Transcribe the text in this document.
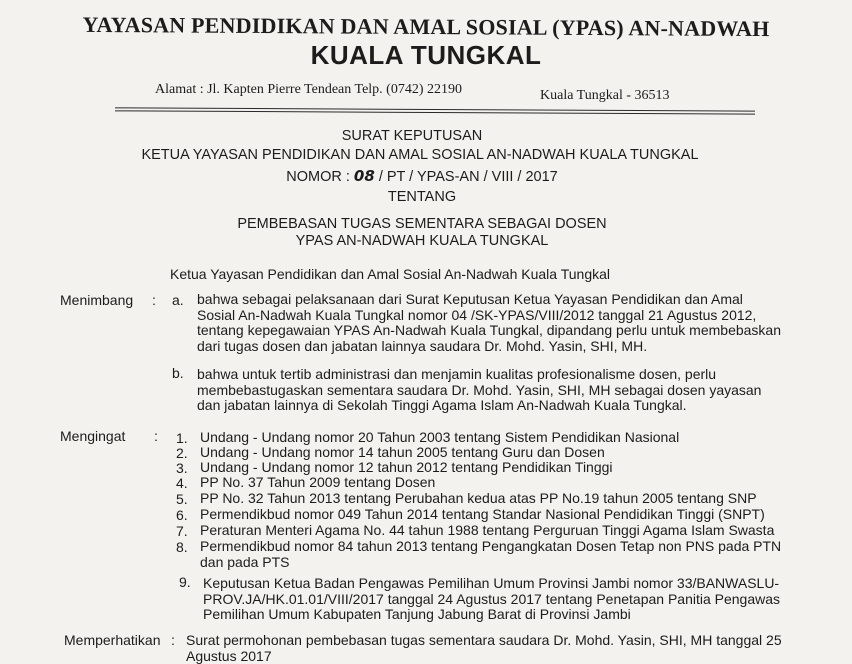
YAYASAN PENDIDIKAN DAN AMAL SOSIAL (YPAS) AN-NADWAH
KUALA TUNGKAL
Alamat : Jl. Kapten Pierre Tendean Telp. (0742) 22190	Kuala Tungkal - 36513
SURAT KEPUTUSAN
KETUA YAYASAN PENDIDIKAN DAN AMAL SOSIAL AN-NADWAH KUALA TUNGKAL
NOMOR : 08 / PT / YPAS-AN / VIII / 2017
TENTANG
PEMBEBASAN TUGAS SEMENTARA SEBAGAI DOSEN
YPAS AN-NADWAH KUALA TUNGKAL
Ketua Yayasan Pendidikan dan Amal Sosial An-Nadwah Kuala Tungkal
Menimbang : a. bahwa sebagai pelaksanaan dari Surat Keputusan Ketua Yayasan Pendidikan dan Amal
Sosial An-Nadwah Kuala Tungkal nomor 04 /SK-YPAS/VIII/2012 tanggal 21 Agustus 2012,
tentang kepegawaian YPAS An-Nadwah Kuala Tungkal, dipandang perlu untuk membebaskan
dari tugas dosen dan jabatan lainnya saudara Dr. Mohd. Yasin, SHI, MH.
b. bahwa untuk tertib administrasi dan menjamin kualitas profesionalisme dosen, perlu
membebastugaskan sementara saudara Dr. Mohd. Yasin, SHI, MH sebagai dosen yayasan
dan jabatan lainnya di Sekolah Tinggi Agama Islam An-Nadwah Kuala Tungkal.
Mengingat : 1. Undang - Undang nomor 20 Tahun 2003 tentang Sistem Pendidikan Nasional
2. Undang - Undang nomor 14 tahun 2005 tentang Guru dan Dosen
3. Undang - Undang nomor 12 tahun 2012 tentang Pendidikan Tinggi
4. PP No. 37 Tahun 2009 tentang Dosen
5. PP No. 32 Tahun 2013 tentang Perubahan kedua atas PP No.19 tahun 2005 tentang SNP
6. Permendikbud nomor 049 Tahun 2014 tentang Standar Nasional Pendidikan Tinggi (SNPT)
7. Peraturan Menteri Agama No. 44 tahun 1988 tentang Perguruan Tinggi Agama Islam Swasta
8. Permendikbud nomor 84 tahun 2013 tentang Pengangkatan Dosen Tetap non PNS pada PTN
dan pada PTS
9. Keputusan Ketua Badan Pengawas Pemilihan Umum Provinsi Jambi nomor 33/BANWASLU-
PROV.JA/HK.01.01/VIII/2017 tanggal 24 Agustus 2017 tentang Penetapan Panitia Pengawas
Pemilihan Umum Kabupaten Tanjung Jabung Barat di Provinsi Jambi
Memperhatikan : Surat permohonan pembebasan tugas sementara saudara Dr. Mohd. Yasin, SHI, MH tanggal 25
Agustus 2017
